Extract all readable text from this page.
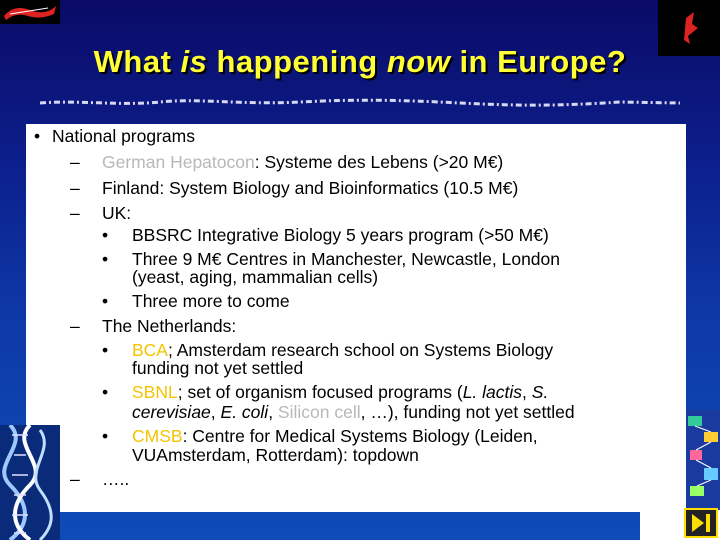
What is happening now in Europe?
• National programs
– German Hepatocon: Systeme des Lebens (>20 M€)
– Finland: System Biology and Bioinformatics (10.5 M€)
– UK:
• BBSRC Integrative Biology 5 years program (>50 M€)
• Three 9 M€ Centres in Manchester, Newcastle, London
(yeast, aging, mammalian cells)
• Three more to come
– The Netherlands:
• BCA; Amsterdam research school on Systems Biology
funding not yet settled
• SBNL; set of organism focused programs (L. lactis, S.
cerevisiae, E. coli, Silicon cell, …), funding not yet settled
• CMSB: Centre for Medical Systems Biology (Leiden,
VUAmsterdam, Rotterdam): topdown
– …..
